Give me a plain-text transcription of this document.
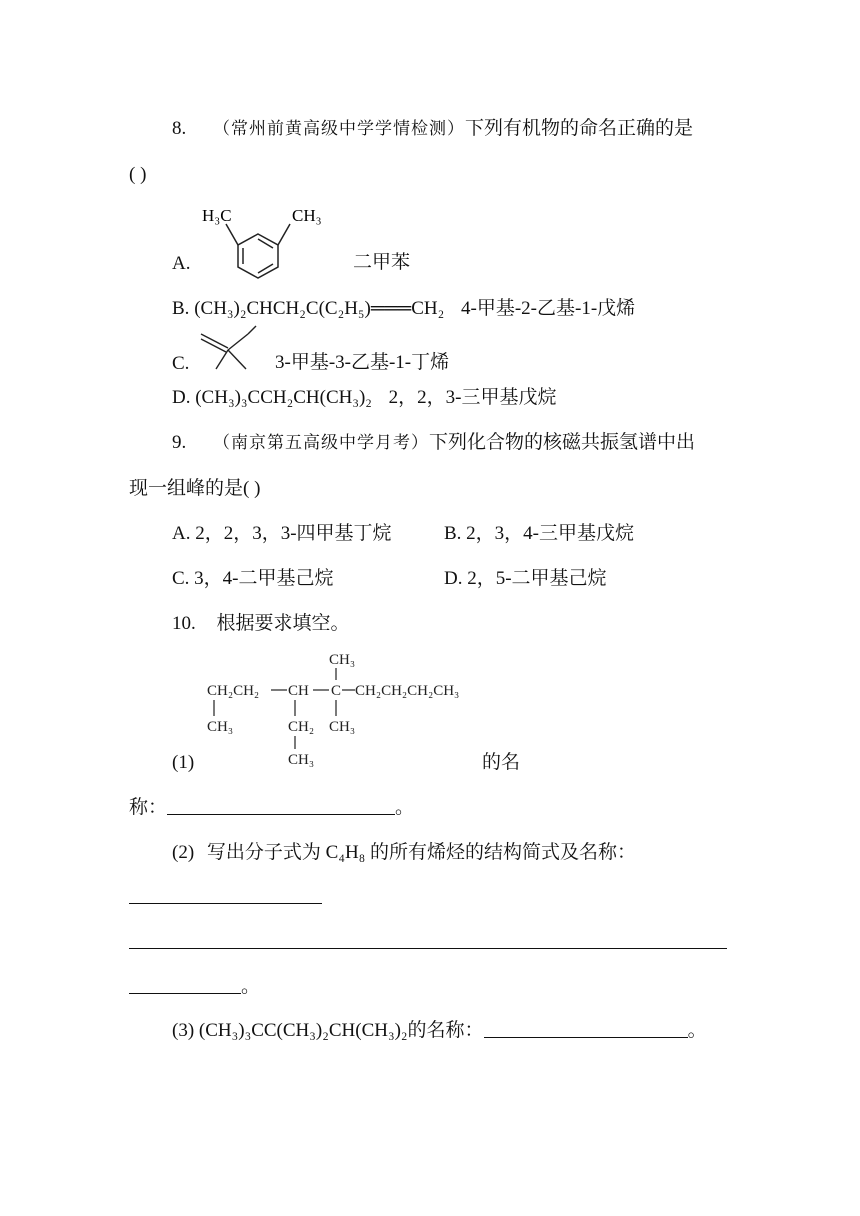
8. （常州前黄高级中学学情检测）下列有机物的命名正确的是
( )
H₃C	CH₃
A.	二甲苯
B. (CH₃)₂CHCH₂C(C₂H₅)═══CH₂ 4-甲基-2-乙基-1-戊烯
C.	3-甲基-3-乙基-1-丁烯
D. (CH₃)₃CCH₂CH(CH₃)₂ 2，2，3-三甲基戊烷
9. （南京第五高级中学月考）下列化合物的核磁共振氢谱中出
现一组峰的是( )
A. 2，2，3，3-四甲基丁烷	B. 2，3，4-三甲基戊烷
C. 3，4-二甲基己烷	D. 2，5-二甲基己烷
10. 根据要求填空。
CH₃
CH₂CH₂ CH C CH₂CH₂CH₂CH₃
CH₃	CH₂ CH₃
CH₃
(1)	的名
称：	。
(2) 写出分子式为 C₄H₈ 的所有烯烃的结构简式及名称：
。
(3) (CH₃)₃CC(CH₃)₂CH(CH₃)₂的名称：	。
